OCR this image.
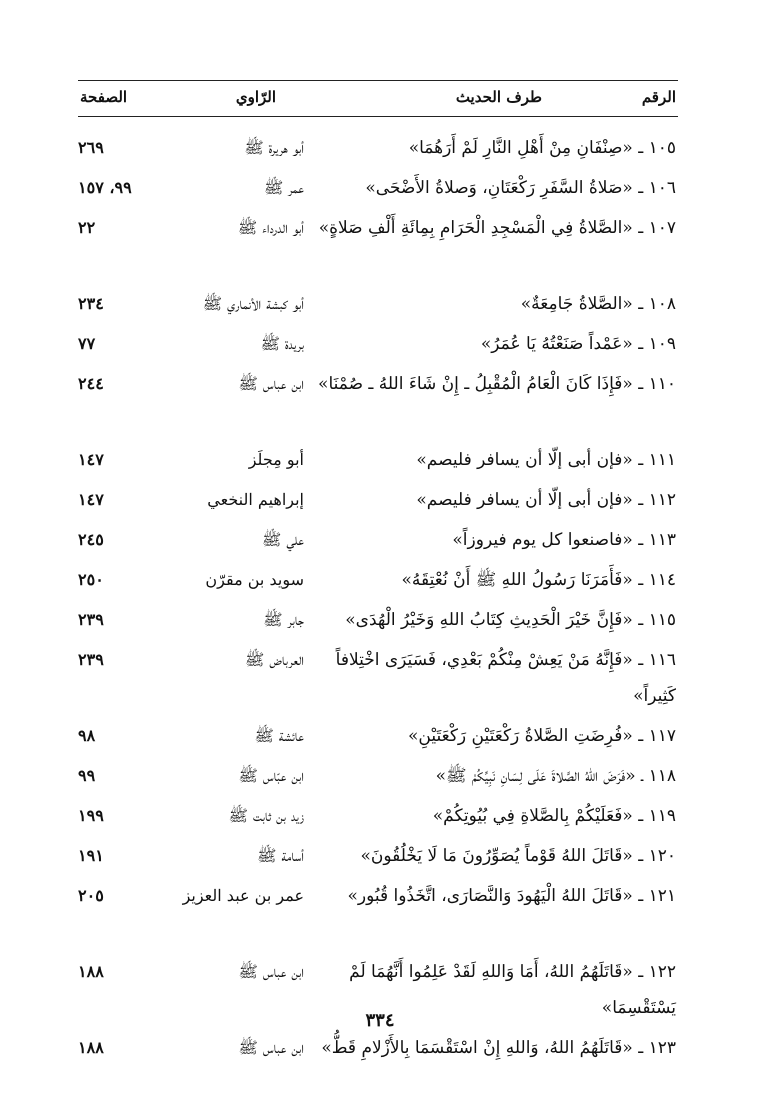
الرقم
طرف الحديث
الرّاوي
الصفحة
١٠٥ ـ «صِنْفَانِ مِنْ أَهْلِ النَّارِ لَمْ أَرَهُمَا»
أبو هريرة ﷺ
٢٦٩
١٠٦ ـ «صَلاةُ السَّفَرِ رَكْعَتَانِ، وَصلاةُ الأَضْحَى»
عمر ﷺ
٩٩، ١٥٧
١٠٧ ـ «الصَّلاةُ فِي الْمَسْجِدِ الْحَرَامِ بِمِائَةِ أَلْفِ صَلاةٍ»
أبو الدرداء ﷺ
٢٢
١٠٨ ـ «الصَّلاةُ جَامِعَةٌ»
أبو كبشة الأنماري ﷺ
٢٣٤
١٠٩ ـ «عَمْداً صَنَعْتُهُ يَا عُمَرُ»
بريدة ﷺ
٧٧
١١٠ ـ «فَإِذَا كَانَ الْعَامُ الْمُقْبِلُ ـ إِنْ شَاءَ اللهُ ـ صُمْنَا»
ابن عباس ﷺ
٢٤٤
١١١ ـ «فإن أبى إلّا أن يسافر فليصم»
أبو مِجلَز
١٤٧
١١٢ ـ «فإن أبى إلّا أن يسافر فليصم»
إبراهيم النخعي
١٤٧
١١٣ ـ «فاصنعوا كل يوم فيروزاً»
علي ﷺ
٢٤٥
١١٤ ـ «فَأَمَرَنَا رَسُولُ اللهِ ﷺ أَنْ نُعْتِقَهُ»
سويد بن مقرّن
٢٥٠
١١٥ ـ «فَإِنَّ خَيْرَ الْحَدِيثِ كِتَابُ اللهِ وَخَيْرُ الْهُدَى»
جابر ﷺ
٢٣٩
١١٦ ـ «فَإِنَّهُ مَنْ يَعِشْ مِنْكُمْ بَعْدِي، فَسَيَرَى اخْتِلافاً كَثِيراً»
العرباض ﷺ
٢٣٩
١١٧ ـ «فُرِضَتِ الصَّلاةُ رَكْعَتَيْنِ رَكْعَتَيْنِ»
عائشة ﷺ
٩٨
١١٨ ـ «فَرَضَ اللهُ الصَّلاةَ عَلَى لِسَانِ نَبِيِّكُمْ ﷺ»
ابن عبّاس ﷺ
٩٩
١١٩ ـ «فَعَلَيْكُمْ بِالصَّلاةِ فِي بُيُوتِكُمْ»
زيد بن ثابت ﷺ
١٩٩
١٢٠ ـ «قَاتَلَ اللهُ قَوْماً يُصَوِّرُونَ مَا لَا يَخْلُقُونَ»
أسامة ﷺ
١٩١
١٢١ ـ «قَاتَلَ اللهُ الْيَهُودَ وَالنَّصَارَى، اتَّخَذُوا قُبُور»
عمر بن عبد العزيز
٢٠٥
١٢٢ ـ «قَاتَلَهُمُ اللهُ، أَمَا وَاللهِ لَقَدْ عَلِمُوا أَنَّهُمَا لَمْ يَسْتَقْسِمَا»
ابن عباس ﷺ
١٨٨
١٢٣ ـ «قَاتَلَهُمُ اللهُ، وَاللهِ إِنْ اسْتَقْسَمَا بِالأَزْلامِ قَطُّ»
ابن عباس ﷺ
١٨٨
٣٣٤
